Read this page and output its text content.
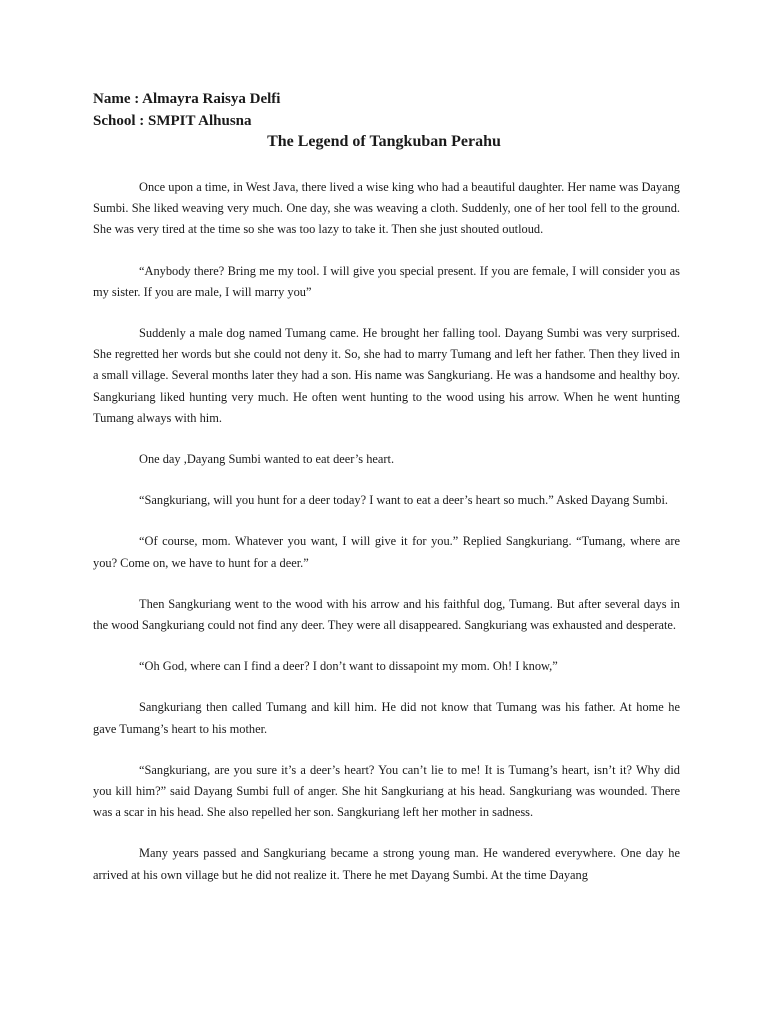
Name : Almayra Raisya Delfi
School : SMPIT Alhusna
The Legend of Tangkuban Perahu

Once upon a time, in West Java, there lived a wise king who had a beautiful daughter. Her name was Dayang Sumbi. She liked weaving very much. One day, she was weaving a cloth. Suddenly, one of her tool fell to the ground. She was very tired at the time so she was too lazy to take it. Then she just shouted outloud.

“Anybody there? Bring me my tool. I will give you special present. If you are female, I will consider you as my sister. If you are male, I will marry you”

Suddenly a male dog named Tumang came. He brought her falling tool. Dayang Sumbi was very surprised. She regretted her words but she could not deny it. So, she had to marry Tumang and left her father. Then they lived in a small village. Several months later they had a son. His name was Sangkuriang. He was a handsome and healthy boy. Sangkuriang liked hunting very much. He often went hunting to the wood using his arrow. When he went hunting Tumang always with him.

One day ,Dayang Sumbi wanted to eat deer’s heart.

“Sangkuriang, will you hunt for a deer today? I want to eat a deer’s heart so much.” Asked Dayang Sumbi.

“Of course, mom. Whatever you want, I will give it for you.” Replied Sangkuriang. “Tumang, where are you? Come on, we have to hunt for a deer.”

Then Sangkuriang went to the wood with his arrow and his faithful dog, Tumang. But after several days in the wood Sangkuriang could not find any deer. They were all disappeared. Sangkuriang was exhausted and desperate.

“Oh God, where can I find a deer? I don’t want to dissapoint my mom. Oh! I know,”

Sangkuriang then called Tumang and kill him. He did not know that Tumang was his father. At home he gave Tumang’s heart to his mother.

“Sangkuriang, are you sure it’s a deer’s heart? You can’t lie to me! It is Tumang’s heart, isn’t it? Why did you kill him?” said Dayang Sumbi full of anger. She hit Sangkuriang at his head. Sangkuriang was wounded. There was a scar in his head. She also repelled her son. Sangkuriang left her mother in sadness.

Many years passed and Sangkuriang became a strong young man. He wandered everywhere. One day he arrived at his own village but he did not realize it. There he met Dayang Sumbi. At the time Dayang
